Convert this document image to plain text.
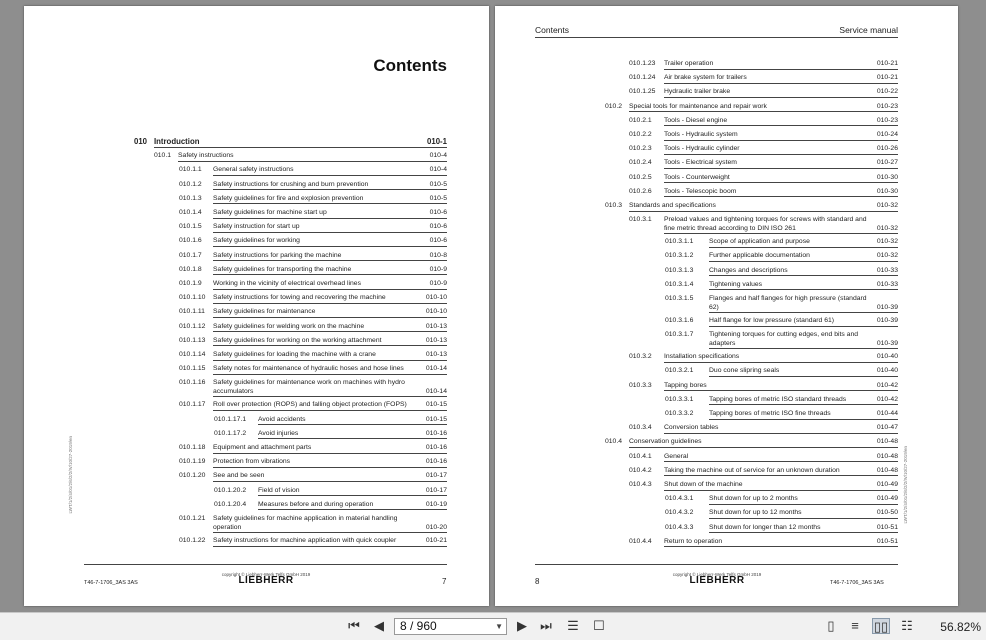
Contents
010 Introduction	010-1
010.1 Safety instructions	010-4
010.1.1 General safety instructions	010-4
010.1.2 Safety instructions for crushing and burn prevention	010-5
010.1.3 Safety guidelines for fire and explosion prevention	010-5
010.1.4 Safety guidelines for machine start up	010-6
010.1.5 Safety instruction for start up	010-6
010.1.6 Safety guidelines for working	010-6
010.1.7 Safety instructions for parking the machine	010-8
010.1.8 Safety guidelines for transporting the machine	010-9
010.1.9 Working in the vicinity of electrical overhead lines	010-9
010.1.10 Safety instructions for towing and recovering the machine	010-10
010.1.11 Safety guidelines for maintenance	010-10
010.1.12 Safety guidelines for welding work on the machine	010-13
010.1.13 Safety guidelines for working on the working attachment	010-13
010.1.14 Safety guidelines for loading the machine with a crane	010-13
010.1.15 Safety notes for maintenance of hydraulic hoses and hose lines	010-14
010.1.16 Safety guidelines for maintenance work on machines with hydro accumulators	010-14
010.1.17 Roll over protection (ROPS) and falling object protection (FOPS)	010-15
010.1.17.1 Avoid accidents	010-15
010.1.17.2 Avoid injuries	010-16
010.1.18 Equipment and attachment parts	010-16
010.1.19 Protection from vibrations	010-16
010.1.20 See and be seen	010-17
010.1.20.2 Field of vision	010-17
010.1.20.4 Measures before and during operation	010-19
010.1.21 Safety guidelines for machine application in material handling operation	010-20
010.1.22 Safety instructions for machine application with quick coupler	010-21
LWT/1/2/4/01/2/6/2/2/IV/10/27-2019/en
copyright © Liebherr-Werk Telfs GmbH 2019
LIEBHERR
T46-7-1706_3AS 3AS	7
Contents	Service manual
010.1.23 Trailer operation	010-21
010.1.24 Air brake system for trailers	010-21
010.1.25 Hydraulic trailer brake	010-22
010.2 Special tools for maintenance and repair work	010-23
010.2.1 Tools - Diesel engine	010-23
010.2.2 Tools - Hydraulic system	010-24
010.2.3 Tools - Hydraulic cylinder	010-26
010.2.4 Tools - Electrical system	010-27
010.2.5 Tools - Counterweight	010-30
010.2.6 Tools - Telescopic boom	010-30
010.3 Standards and specifications	010-32
010.3.1 Preload values and tightening torques for screws with standard and fine metric thread according to DIN ISO 261	010-32
010.3.1.1 Scope of application and purpose	010-32
010.3.1.2 Further applicable documentation	010-32
010.3.1.3 Changes and descriptions	010-33
010.3.1.4 Tightening values	010-33
010.3.1.5 Flanges and half flanges for high pressure (standard 62)	010-39
010.3.1.6 Half flange for low pressure (standard 61)	010-39
010.3.1.7 Tightening torques for cutting edges, end bits and adapters	010-39
010.3.2 Installation specifications	010-40
010.3.2.1 Duo cone slipring seals	010-40
010.3.3 Tapping bores	010-42
010.3.3.1 Tapping bores of metric ISO standard threads	010-42
010.3.3.2 Tapping bores of metric ISO fine threads	010-44
010.3.4 Conversion tables	010-47
010.4 Conservation guidelines	010-48
010.4.1 General	010-48
010.4.2 Taking the machine out of service for an unknown duration	010-48
010.4.3 Shut down of the machine	010-49
010.4.3.1 Shut down for up to 2 months	010-49
010.4.3.2 Shut down for up to 12 months	010-50
010.4.3.3 Shut down for longer than 12 months	010-51
010.4.4 Return to operation	010-51
LWT/1/2/4/01/2/6/2/2/IV/10/27-2019/en
copyright © Liebherr-Werk Telfs GmbH 2019
LIEBHERR
8	T46-7-1706_3AS 3AS
⏮	◀	8 / 960	▼	▶	⏭ ☰ ☐	▯	≡	▯▯ ☷ 56.82%
